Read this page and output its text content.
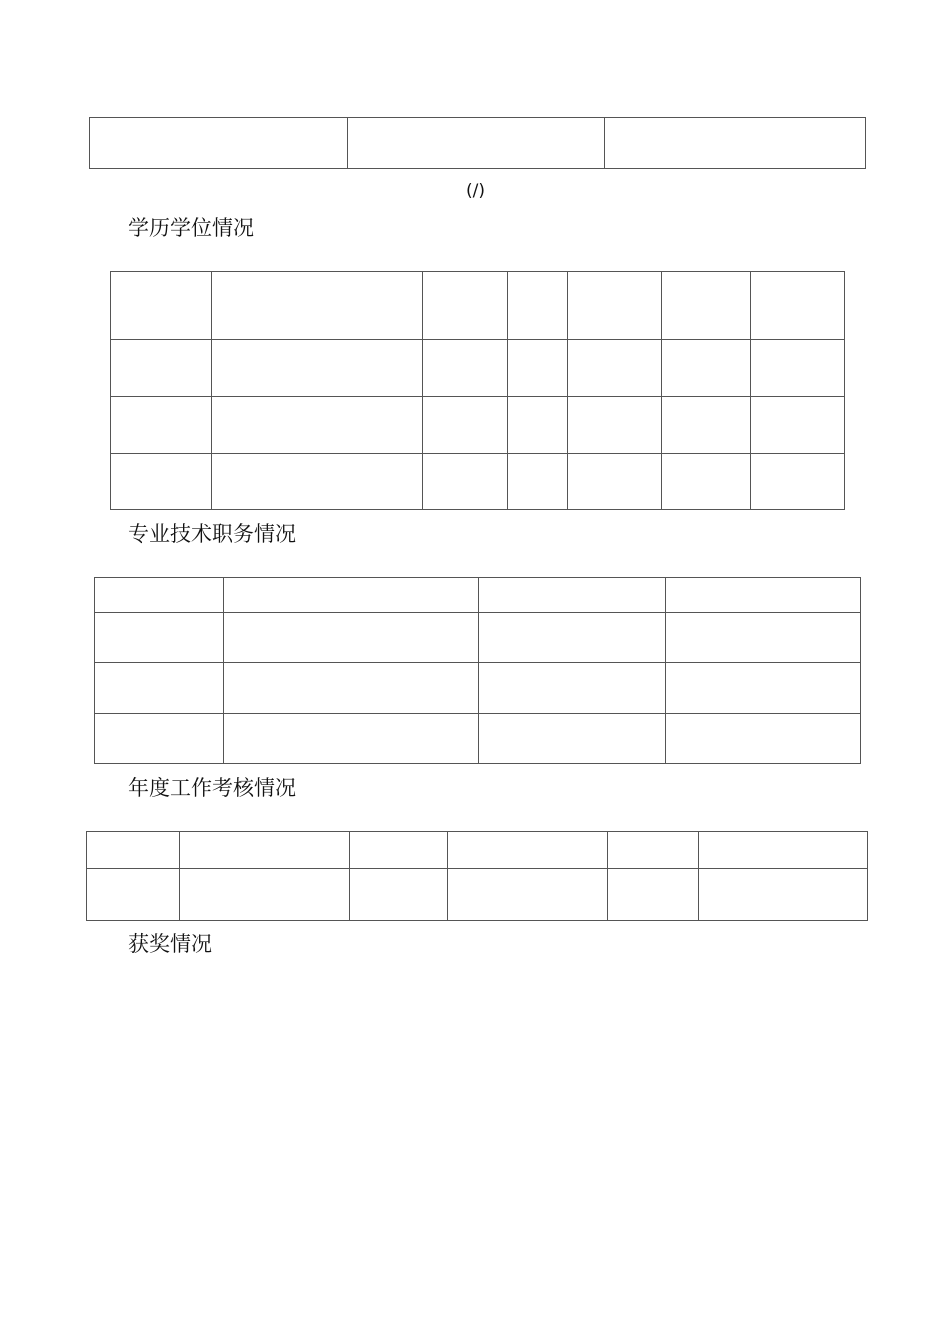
(/)
学历学位情况

专业技术职务情况

年度工作考核情况

获奖情况
